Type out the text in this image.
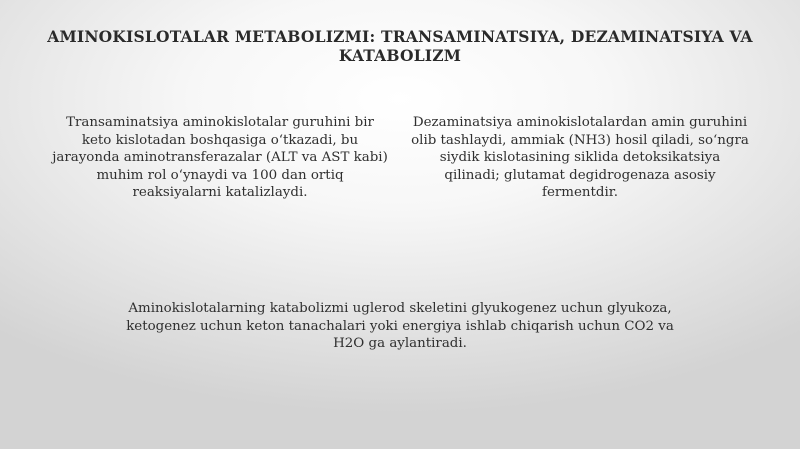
AMINOKISLOTALAR METABOLIZMI: TRANSAMINATSIYA, DEZAMINATSIYA VA KATABOLIZM
Transaminatsiya aminokislotalar guruhini bir keto kislotadan boshqasiga oʻtkazadi, bu jarayonda aminotransferazalar (ALT va AST kabi) muhim rol oʻynaydi va 100 dan ortiq reaksiyalarni katalizlaydi.
Dezaminatsiya aminokislotalardan amin guruhini olib tashlaydi, ammiak (NH3) hosil qiladi, soʻngra siydik kislotasining siklida detoksikatsiya qilinadi; glutamat degidrogenaza asosiy fermentdir.
Aminokislotalarning katabolizmi uglerod skeletini glyukogenez uchun glyukoza, ketogenez uchun keton tanachalari yoki energiya ishlab chiqarish uchun CO2 va H2O ga aylantiradi.
